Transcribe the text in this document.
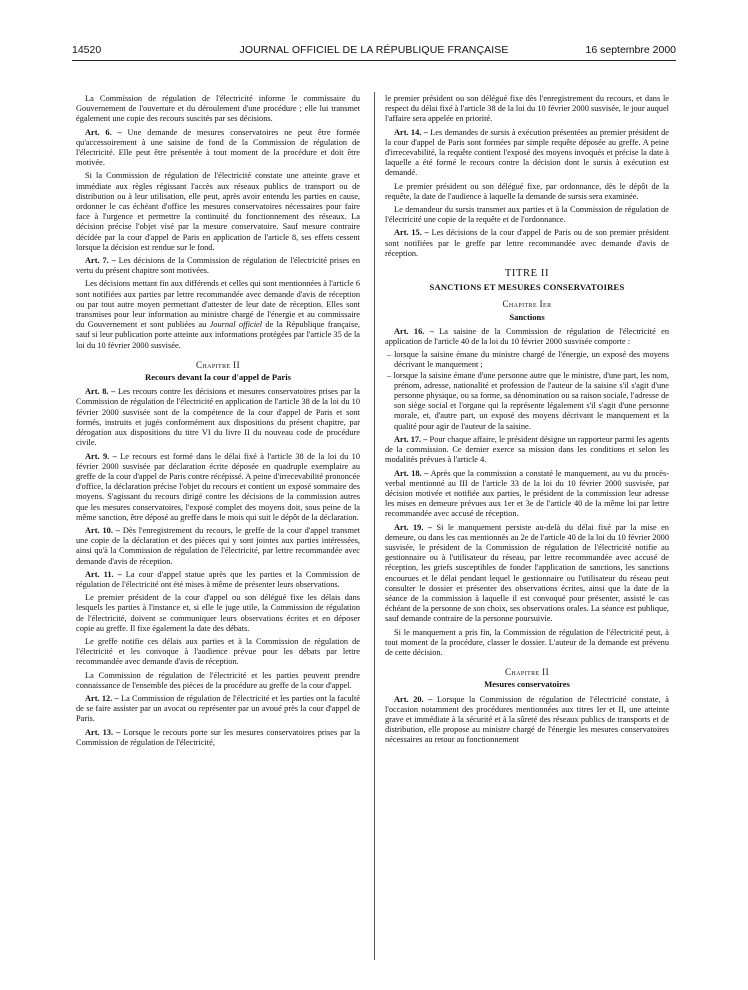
14520	JOURNAL OFFICIEL DE LA RÉPUBLIQUE FRANÇAISE	16 septembre 2000

La Commission de régulation de l'électricité informe le commissaire du Gouvernement de l'ouverture et du déroulement d'une procédure ; elle lui transmet également une copie des recours suscités par ses décisions.

Art. 6. – Une demande de mesures conservatoires ne peut être formée qu'accessoirement à une saisine de fond de la Commission de régulation de l'électricité. Elle peut être présentée à tout moment de la procédure et doit être motivée.

Si la Commission de régulation de l'électricité constate une atteinte grave et immédiate aux règles régissant l'accès aux réseaux publics de transport ou de distribution ou à leur utilisation, elle peut, après avoir entendu les parties en cause, ordonner le cas échéant d'office les mesures conservatoires nécessaires pour faire face à l'urgence et permettre la continuité du fonctionnement des réseaux. La décision précise l'objet visé par la mesure conservatoire. Sauf mesure contraire décidée par la cour d'appel de Paris en application de l'article 8, ses effets cessent lorsque la décision est rendue sur le fond.

Art. 7. – Les décisions de la Commission de régulation de l'électricité prises en vertu du présent chapitre sont motivées.

Les décisions mettant fin aux différends et celles qui sont mentionnées à l'article 6 sont notifiées aux parties par lettre recommandée avec demande d'avis de réception ou par tout autre moyen permettant d'attester de leur date de réception. Elles sont transmises pour leur information au ministre chargé de l'énergie et au commissaire du Gouvernement et sont publiées au Journal officiel de la République française, sauf si leur publication porte atteinte aux informations protégées par l'article 35 de la loi du 10 février 2000 susvisée.

Chapitre II
Recours devant la cour d'appel de Paris

Art. 8. – Les recours contre les décisions et mesures conservatoires prises par la Commission de régulation de l'électricité en application de l'article 38 de la loi du 10 février 2000 susvisée sont de la compétence de la cour d'appel de Paris et sont formés, instruits et jugés conformément aux dispositions du présent chapitre, par dérogation aux dispositions du titre VI du livre II du nouveau code de procédure civile.

Art. 9. – Le recours est formé dans le délai fixé à l'article 38 de la loi du 10 février 2000 susvisée par déclaration écrite déposée en quadruple exemplaire au greffe de la cour d'appel de Paris contre récépissé. A peine d'irrecevabilité prononcée d'office, la déclaration précise l'objet du recours et contient un exposé sommaire des moyens. S'agissant du recours dirigé contre les décisions de la commission autres que les mesures conservatoires, l'exposé complet des moyens doit, sous peine de la même sanction, être déposé au greffe dans le mois qui suit le dépôt de la déclaration.

Art. 10. – Dès l'enregistrement du recours, le greffe de la cour d'appel transmet une copie de la déclaration et des pièces qui y sont jointes aux parties intéressées, ainsi qu'à la Commission de régulation de l'électricité, par lettre recommandée avec demande d'avis de réception.

Art. 11. – La cour d'appel statue après que les parties et la Commission de régulation de l'électricité ont été mises à même de présenter leurs observations.

Le premier président de la cour d'appel ou son délégué fixe les délais dans lesquels les parties à l'instance et, si elle le juge utile, la Commission de régulation de l'électricité, doivent se communiquer leurs observations écrites et en déposer copie au greffe. Il fixe également la date des débats.

Le greffe notifie ces délais aux parties et à la Commission de régulation de l'électricité et les convoque à l'audience prévue pour les débats par lettre recommandée avec demande d'avis de réception.

La Commission de régulation de l'électricité et les parties peuvent prendre connaissance de l'ensemble des pièces de la procédure au greffe de la cour d'appel.

Art. 12. – La Commission de régulation de l'électricité et les parties ont la faculté de se faire assister par un avocat ou représenter par un avoué près la cour d'appel de Paris.

Art. 13. – Lorsque le recours porte sur les mesures conservatoires prises par la Commission de régulation de l'électricité,

le premier président ou son délégué fixe dès l'enregistrement du recours, et dans le respect du délai fixé à l'article 38 de la loi du 10 février 2000 susvisée, le jour auquel l'affaire sera appelée en priorité.

Art. 14. – Les demandes de sursis à exécution présentées au premier président de la cour d'appel de Paris sont formées par simple requête déposée au greffe. A peine d'irrecevabilité, la requête contient l'exposé des moyens invoqués et précise la date à laquelle a été formé le recours contre la décision dont le sursis à exécution est demandé.

Le premier président ou son délégué fixe, par ordonnance, dès le dépôt de la requête, la date de l'audience à laquelle la demande de sursis sera examinée.

Le demandeur du sursis transmet aux parties et à la Commission de régulation de l'électricité une copie de la requête et de l'ordonnance.

Art. 15. – Les décisions de la cour d'appel de Paris ou de son premier président sont notifiées par le greffe par lettre recommandée avec demande d'avis de réception.

TITRE II
SANCTIONS ET MESURES CONSERVATOIRES
Chapitre Ier
Sanctions

Art. 16. – La saisine de la Commission de régulation de l'électricité en application de l'article 40 de la loi du 10 février 2000 susvisée comporte :

– lorsque la saisine émane du ministre chargé de l'énergie, un exposé des moyens décrivant le manquement ;
– lorsque la saisine émane d'une personne autre que le ministre, d'une part, les nom, prénom, adresse, nationalité et profession de l'auteur de la saisine s'il s'agit d'une personne physique, ou sa forme, sa dénomination ou sa raison sociale, l'adresse de son siège social et l'organe qui la représente légalement s'il s'agit d'une personne morale, et, d'autre part, un exposé des moyens décrivant le manquement et la qualité pour agir de l'auteur de la saisine.

Art. 17. – Pour chaque affaire, le président désigne un rapporteur parmi les agents de la commission. Ce dernier exerce sa mission dans les conditions et selon les modalités prévues à l'article 4.

Art. 18. – Après que la commission a constaté le manquement, au vu du procès-verbal mentionné au III de l'article 33 de la loi du 10 février 2000 susvisée, par décision motivée et notifiée aux parties, le président de la commission leur adresse les mises en demeure prévues aux 1er et 3e de l'article 40 de la même loi par lettre recommandée avec accusé de réception.

Art. 19. – Si le manquement persiste au-delà du délai fixé par la mise en demeure, ou dans les cas mentionnés au 2e de l'article 40 de la loi du 10 février 2000 susvisée, le président de la Commission de régulation de l'électricité notifie au gestionnaire ou à l'utilisateur du réseau, par lettre recommandée avec accusé de réception, les griefs susceptibles de fonder l'application de sanctions, les sanctions encourues et le délai pendant lequel le gestionnaire ou l'utilisateur du réseau peut consulter le dossier et présenter des observations écrites, ainsi que la date de la séance de la commission à laquelle il est convoqué pour présenter, assisté le cas échéant de la personne de son choix, ses observations orales. La séance est publique, sauf demande contraire de la personne poursuivie.

Si le manquement a pris fin, la Commission de régulation de l'électricité peut, à tout moment de la procédure, classer le dossier. L'auteur de la demande est prévenu de cette décision.

Chapitre II
Mesures conservatoires

Art. 20. – Lorsque la Commission de régulation de l'électricité constate, à l'occasion notamment des procédures mentionnées aux titres Ier et II, une atteinte grave et immédiate à la sécurité et à la sûreté des réseaux publics de transports et de distribution, elle propose au ministre chargé de l'énergie les mesures conservatoires nécessaires au retour au fonctionnement
